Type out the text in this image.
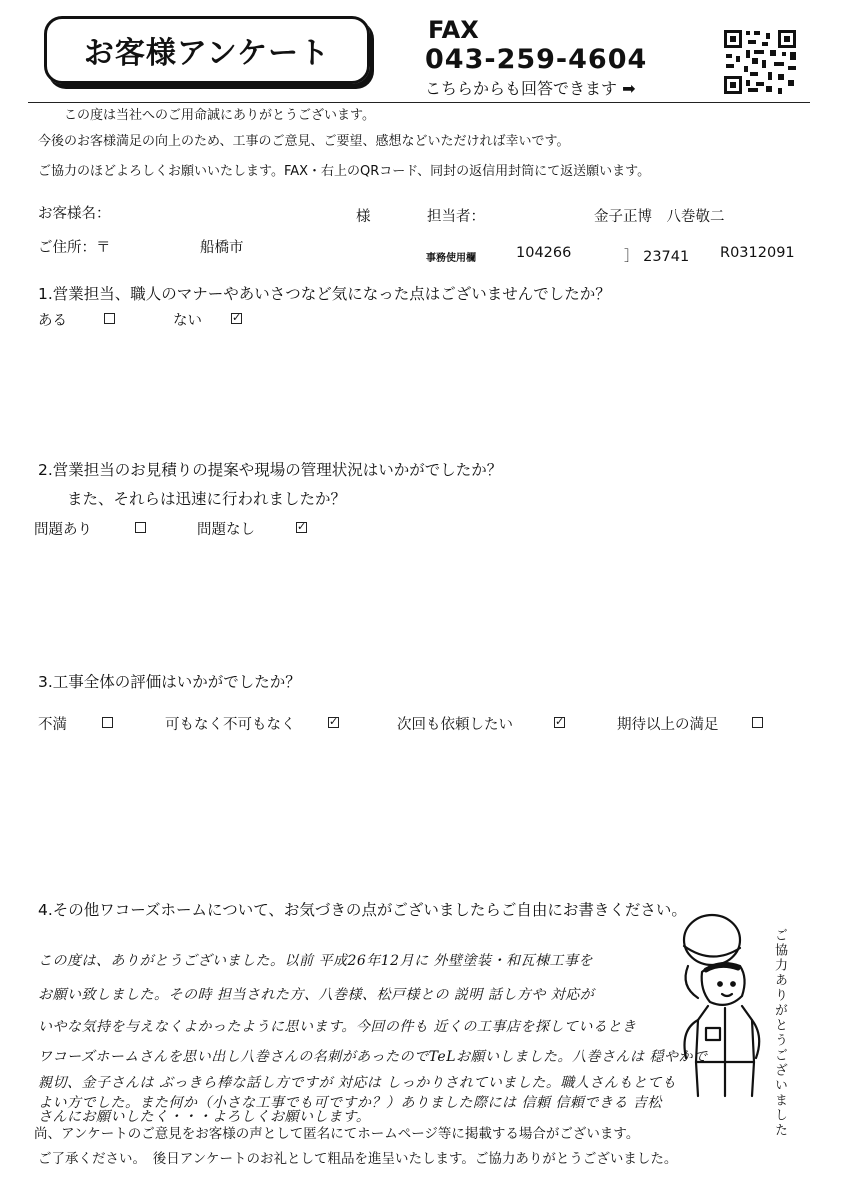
お客様アンケート
FAX
043-259-4604
こちらからも回答できます ➡
この度は当社へのご用命誠にありがとうございます。
今後のお客様満足の向上のため、工事のご意見、ご要望、感想などいただければ幸いです。
ご協力のほどよろしくお願いいたします。FAX・右上のQRコード、同封の返信用封筒にて返送願います。
お客様名：	様	担当者：	金子正博　八巻敬二
ご住所：〒	船橋市
事務使用欄	104266	］ 23741 R0312091
1.営業担当、職人のマナーやあいさつなど気になった点はございませんでしたか？
ある	ない	✓
2.営業担当のお見積りの提案や現場の管理状況はいかがでしたか？
また、それらは迅速に行われましたか？
問題あり	問題なし	✓
3.工事全体の評価はいかがでしたか？
不満	可もなく不可もなく	✓	次回も依頼したい	✓	期待以上の満足
4.その他ワコーズホームについて、お気づきの点がございましたらご自由にお書きください。
この度は、ありがとうございました。以前 平成26年12月に 外壁塗装・和瓦棟工事を
お願い致しました。その時 担当された方、八巻様、松戸様との 説明 話し方や 対応が
いやな気持を与えなくよかったように思います。今回の件も 近くの工事店を探しているとき
ワコーズホームさんを思い出し八巻さんの名刺があったのでTeLお願いしました。八巻さんは 穏やかで
親切、金子さんは ぶっきら棒な話し方ですが 対応は しっかりされていました。職人さんもとても
よい方でした。また何か（小さな工事でも可ですか？）ありました際には 信頼 信頼できる 吉松
さんにお願いしたく・・・よろしくお願いします。	ご協力ありがとうございました
尚、アンケートのご意見をお客様の声として匿名にてホームページ等に掲載する場合がございます。
ご了承ください。　後日アンケートのお礼として粗品を進呈いたします。ご協力ありがとうございました。
